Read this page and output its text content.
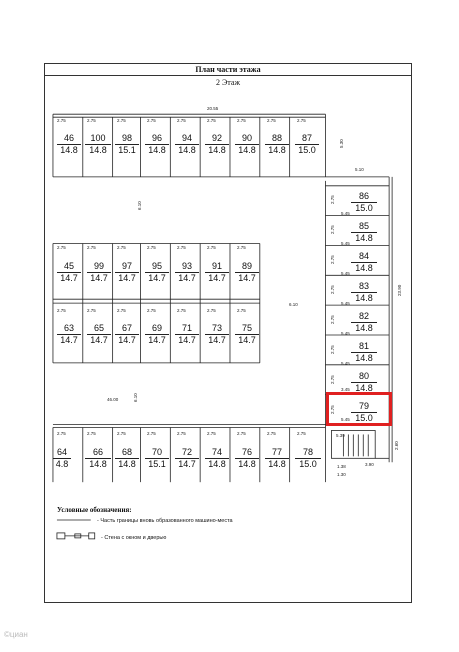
План части этажа
2 Этаж
46
14.8
100
14.8
98
15.1
96
14.8
94
14.8
92
14.8
90
14.8
88
14.8
87
15.0
86
15.0
85
14.8
84
14.8
83
14.8
82
14.8
81
14.8
80
14.8
79
15.0
45
14.7
99
14.7
97
14.7
95
14.7
93
14.7
91
14.7
89
14.7
63
14.7
65
14.7
67
14.7
69
14.7
71
14.7
73
14.7
75
14.7
64
4.8
66
14.8
68
14.8
70
15.1
72
14.7
74
14.8
76
14.8
77
14.8
78
15.0
20.55
2.75	2.75	2.75	2.75	2.75	2.75	2.75	2.75	2.75
5.30
5.10
23.90
6.10
6.10
46.00	6.10
5.45
5.45
5.45
5.45
5.45
5.45
3.45
5.45
2.75
2.75
2.75
2.75
2.75
2.75
2.75
2.75
2.75	2.75	2.75	2.75	2.75	2.75	2.75
2.75	2.75	2.75	2.75	2.75	2.75	2.75
2.75	2.75	2.75	2.75	2.75	2.75	2.75	2.75	2.75	5.39
2.60
1.38	3.90
1.30
Условные обозначения:
- Часть границы вновь образованного машино-места
- Стена с окном и дверью
©циан
